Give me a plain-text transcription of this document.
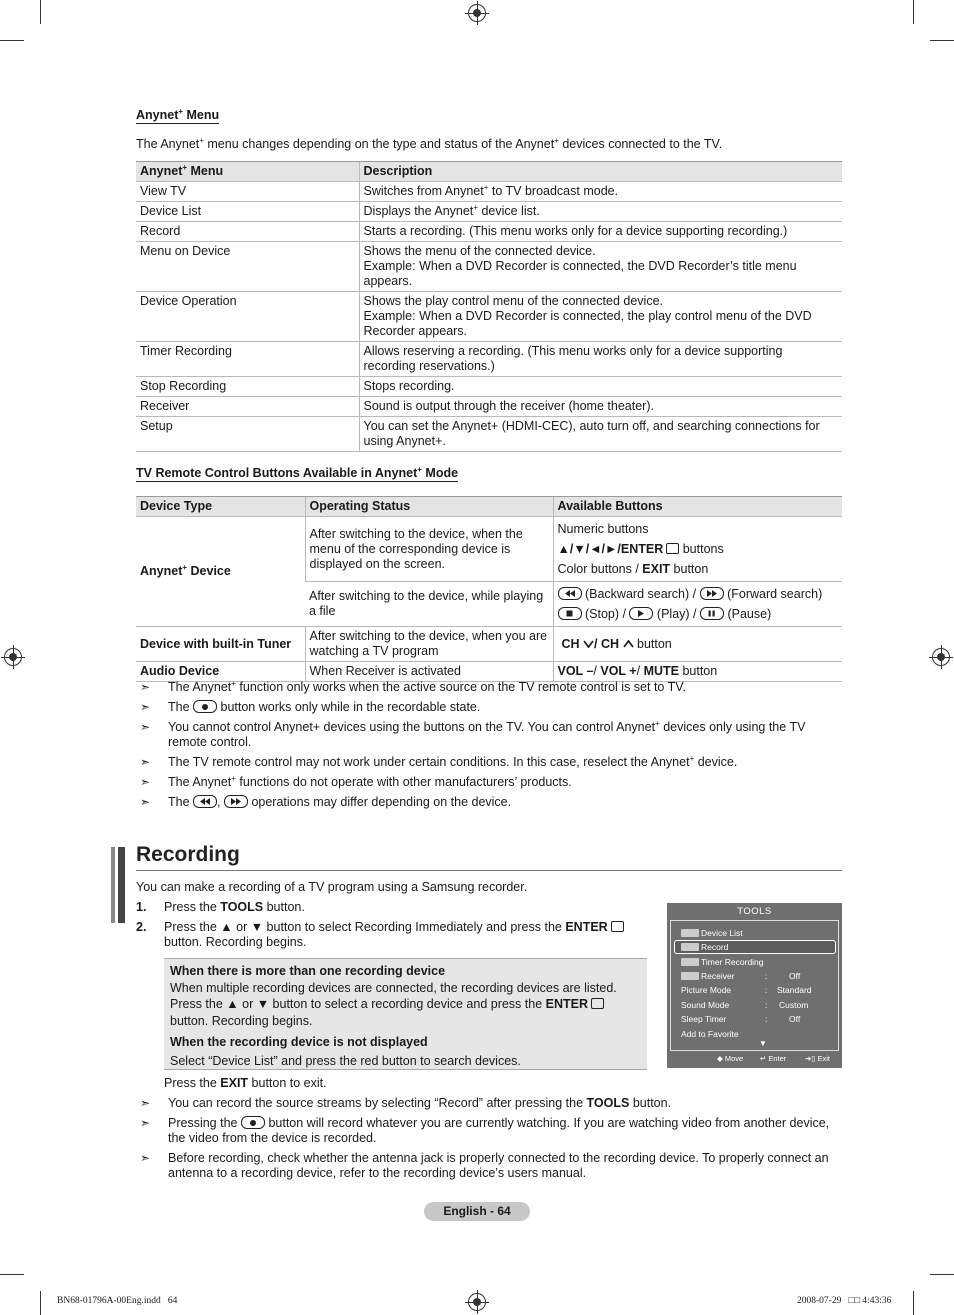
Anynet+ Menu
The Anynet+ menu changes depending on the type and status of the Anynet+ devices connected to the TV.
Anynet+ Menu	Description
View TV	Switches from Anynet+ to TV broadcast mode.
Device List	Displays the Anynet+ device list.
Record	Starts a recording. (This menu works only for a device supporting recording.)
Menu on Device	Shows the menu of the connected device.
Example: When a DVD Recorder is connected, the DVD Recorder’s title menu appears.

Device Operation	Shows the play control menu of the connected device.
Example: When a DVD Recorder is connected, the play control menu of the DVD Recorder appears.

Timer Recording	Allows reserving a recording. (This menu works only for a device supporting recording reservations.)
Stop Recording	Stops recording.
Receiver	Sound is output through the receiver (home theater).
Setup	You can set the Anynet+ (HDMI-CEC), auto turn off, and searching connections for using Anynet+.
TV Remote Control Buttons Available in Anynet+ Mode
Device Type	Operating Status	Available Buttons
Anynet+ Device	After switching to the device, when the menu of the corresponding device is displayed on the screen.	Numeric buttons
▲/▼/◄/►/ENTER buttons
Color buttons / EXIT button

	After switching to the device, while playing a file	(Backward search) /
(Forward search)
(Stop) /
(Play) /
(Pause)

Device with built-in Tuner	After switching to the device, when you are watching a TV program	CH / CH  button
Audio Device	When Receiver is activated	VOL –/ VOL +/ MUTE button
➣	The Anynet+ function only works when the active source on the TV remote control is set to TV.
➣	The
button works only while in the recordable state.
➣	You cannot control Anynet+ devices using the buttons on the TV. You can control Anynet+ devices only using the TV remote control.
➣	The TV remote control may not work under certain conditions. In this case, reselect the Anynet+ device.
➣	The Anynet+ functions do not operate with other manufacturers’ products.
➣	The
,
operations may differ depending on the device.
Recording
You can make a recording of a TV program using a Samsung recorder.
1.	Press the TOOLS button.
2.	Press the ▲ or ▼ button to select Recording Immediately and press the ENTER
button. Recording begins.
When there is more than one recording device
When multiple recording devices are connected, the recording devices are listed. Press the ▲ or ▼ button to select a recording device and press the ENTER
button. Recording begins.
When the recording device is not displayed
Select “Device List” and press the red button to search devices.
TOOLS
Device List
Record
Timer Recording
Receiver	:	Off
Picture Mode	: Standard
Sound Mode	: Custom
Sleep Timer	:	Off
Add to Favorite
▼
◆ Move ↵ Enter ➔▯ Exit
Press the EXIT button to exit.
➣	You can record the source streams by selecting “Record” after pressing the TOOLS button.
➣	Pressing the
button will record whatever you are currently watching. If you are watching video from another device, the video from the device is recorded.
➣	Before recording, check whether the antenna jack is properly connected to the recording device. To properly connect an antenna to a recording device, refer to the recording device’s users manual.
English - 64
BN68-01796A-00Eng.indd   64	2008-07-29   □□ 4:43:36
